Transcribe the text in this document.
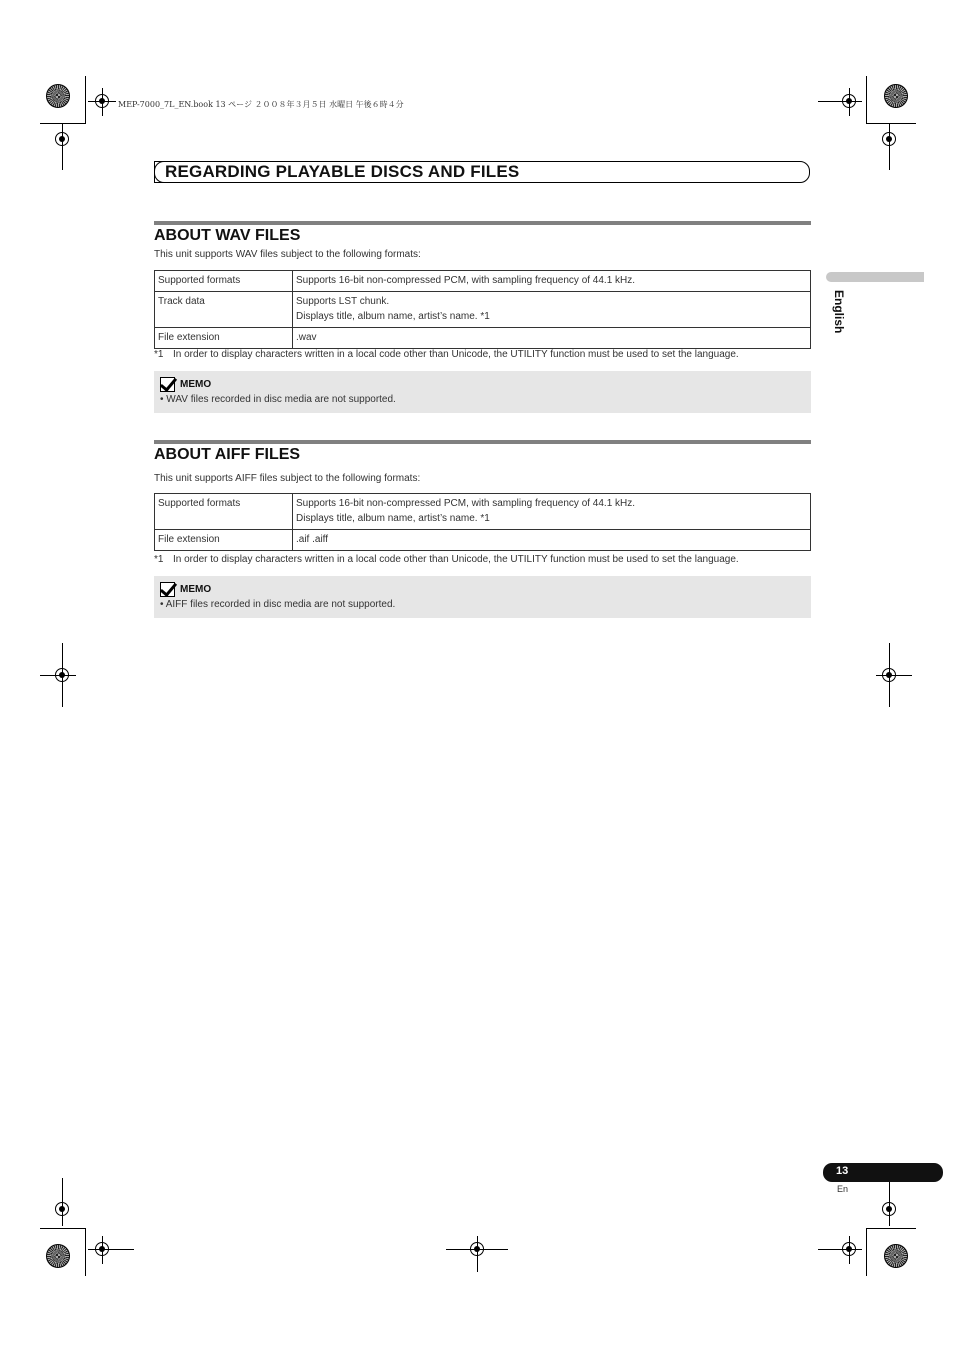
MEP-7000_7L_EN.book 13 ページ ２００８年３月５日 水曜日 午後６時４分
REGARDING PLAYABLE DISCS AND FILES
English
ABOUT WAV FILES
This unit supports WAV files subject to the following formats:
Supported formats	Supports 16-bit non-compressed PCM, with sampling frequency of 44.1 kHz.
Track data	Supports LST chunk.
Displays title, album name, artist’s name. *1

File extension	.wav
*1 In order to display characters written in a local code other than Unicode, the UTILITY function must be used to set the language.
MEMO
• WAV files recorded in disc media are not supported.
ABOUT AIFF FILES
This unit supports AIFF files subject to the following formats:
Supported formats	Supports 16-bit non-compressed PCM, with sampling frequency of 44.1 kHz.
Displays title, album name, artist’s name. *1

File extension	.aif .aiff
*1 In order to display characters written in a local code other than Unicode, the UTILITY function must be used to set the language.
MEMO
• AIFF files recorded in disc media are not supported.
13
En
